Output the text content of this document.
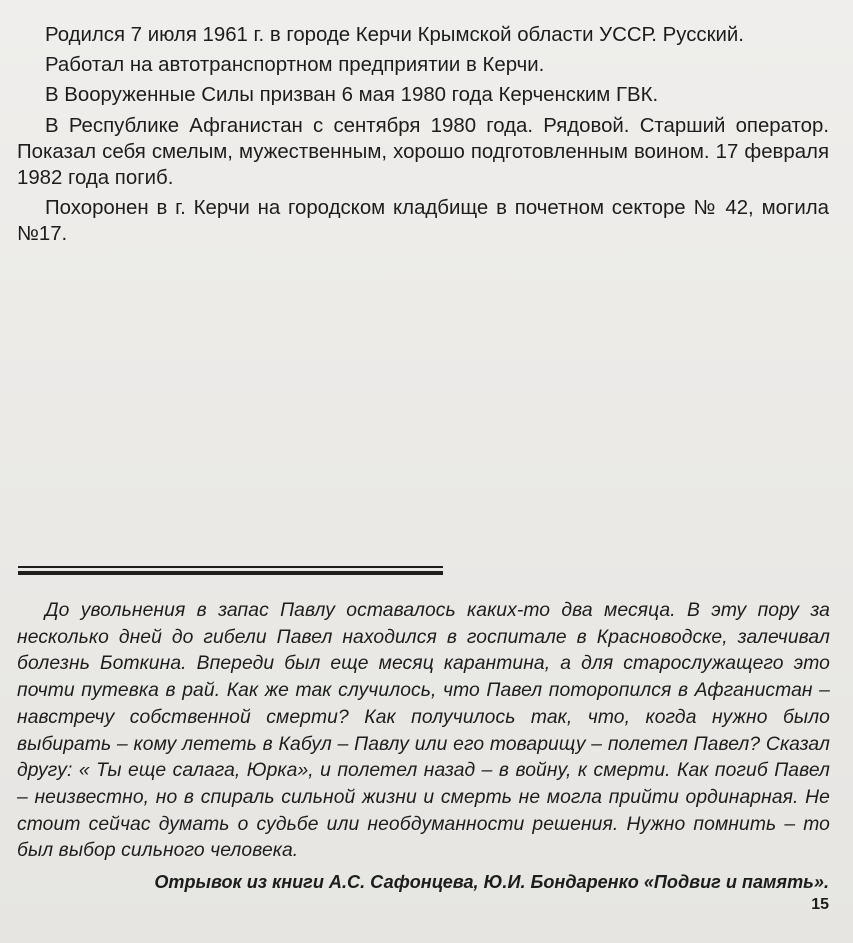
Родился 7 июля 1961 г. в городе Керчи Крымской области УССР. Русский.

Работал на автотранспортном предприятии в Керчи.

В Вооруженные Силы призван 6 мая 1980 года Керченским ГВК.

В Республике Афганистан с сентября 1980 года. Рядовой. Старший оператор. Показал себя смелым, мужественным, хорошо подготовленным воином. 17 февраля 1982 года погиб.

Похоронен в г. Керчи на городском кладбище в почетном секторе № 42, могила №17.

До увольнения в запас Павлу оставалось каких-то два месяца. В эту пору за несколько дней до гибели Павел находился в госпитале в Красноводске, залечивал болезнь Боткина. Впереди был еще месяц карантина, а для старослужащего это почти путевка в рай. Как же так случилось, что Павел поторопился в Афганистан – навстречу собственной смерти? Как получилось так, что, когда нужно было выбирать – кому лететь в Кабул – Павлу или его товарищу – полетел Павел? Сказал другу: « Ты еще салага, Юрка», и полетел назад – в войну, к смерти. Как погиб Павел – неизвестно, но в спираль сильной жизни и смерть не могла прийти ординарная. Не стоит сейчас думать о судьбе или необдуманности решения. Нужно помнить – то был выбор сильного человека.

Отрывок из книги А.С. Сафонцева, Ю.И. Бондаренко «Подвиг и память».
15
